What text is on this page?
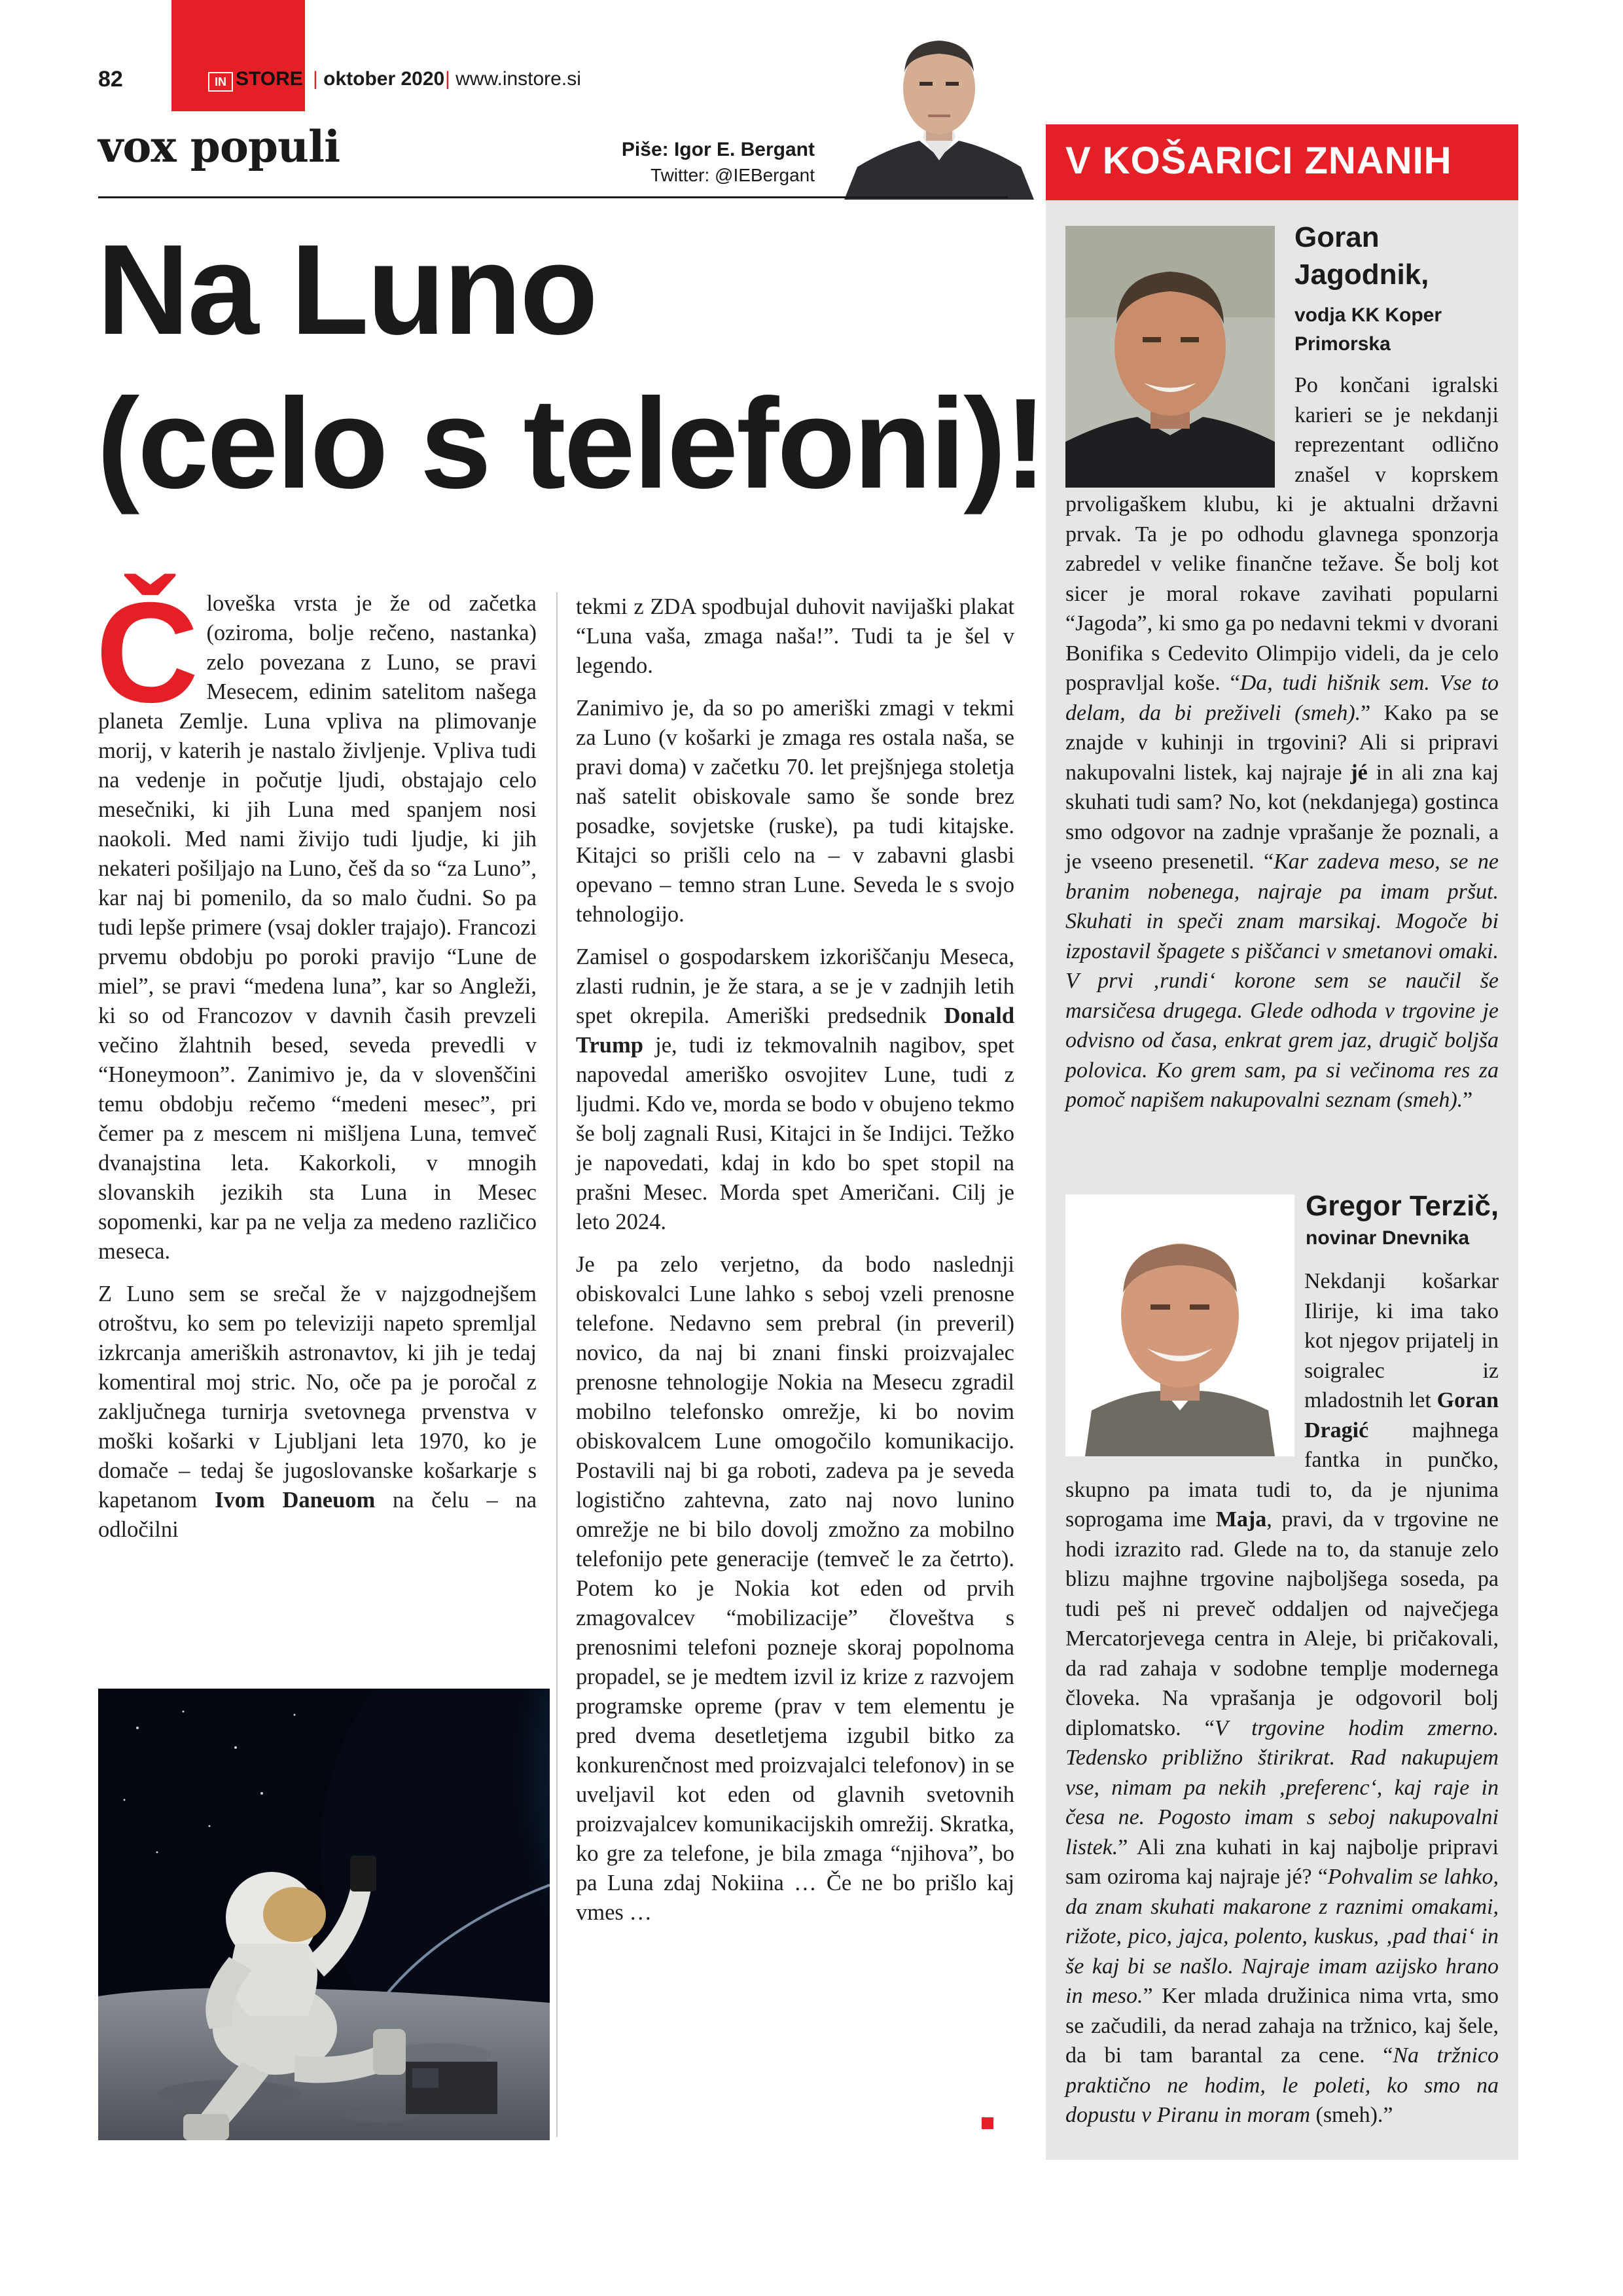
82	IN STORE | oktober 2020 | www.instore.si
vox populi	Piše: Igor E. Bergant
Twitter: @IEBergant
Na Luno
(celo s telefoni)!

Človeška vrsta je že od začetka (oziroma, bolje rečeno, nastanka) zelo povezana z Luno, se pravi Mesecem, edinim satelitom našega planeta Zemlje. Luna vpliva na plimovanje morij, v katerih je nastalo življenje. Vpliva tudi na vedenje in počutje ljudi, obstajajo celo mesečniki, ki jih Luna med spanjem nosi naokoli. Med nami živijo tudi ljudje, ki jih nekateri pošiljajo na Luno, češ da so “za Luno”, kar naj bi pomenilo, da so malo čudni. So pa tudi lepše primere (vsaj dokler trajajo). Francozi prvemu obdobju po poroki pravijo “Lune de miel”, se pravi “medena luna”, kar so Angleži, ki so od Francozov v davnih časih prevzeli večino žlahtnih besed, seveda prevedli v “Honeymoon”. Zanimivo je, da v slovenščini temu obdobju rečemo “medeni mesec”, pri čemer pa z mescem ni mišljena Luna, temveč dvanajstina leta. Kakorkoli, v mnogih slovanskih jezikih sta Luna in Mesec sopomenki, kar pa ne velja za medeno različico meseca.

Z Luno sem se srečal že v najzgodnejšem otroštvu, ko sem po televiziji napeto spremljal izkrcanja ameriških astronavtov, ki jih je tedaj komentiral moj stric. No, oče pa je poročal z zaključnega turnirja svetovnega prvenstva v moški košarki v Ljubljani leta 1970, ko je domače – tedaj še jugoslovanske košarkarje s kapetanom Ivom Daneuom na čelu – na odločilni

tekmi z ZDA spodbujal duhovit navijaški plakat “Luna vaša, zmaga naša!”. Tudi ta je šel v legendo.

Zanimivo je, da so po ameriški zmagi v tekmi za Luno (v košarki je zmaga res ostala naša, se pravi doma) v začetku 70. let prejšnjega stoletja naš satelit obiskovale samo še sonde brez posadke, sovjetske (ruske), pa tudi kitajske. Kitajci so prišli celo na – v zabavni glasbi opevano – temno stran Lune. Seveda le s svojo tehnologijo.

Zamisel o gospodarskem izkoriščanju Meseca, zlasti rudnin, je že stara, a se je v zadnjih letih spet okrepila. Ameriški predsednik Donald Trump je, tudi iz tekmovalnih nagibov, spet napovedal ameriško osvojitev Lune, tudi z ljudmi. Kdo ve, morda se bodo v obujeno tekmo še bolj zagnali Rusi, Kitajci in še Indijci. Težko je napovedati, kdaj in kdo bo spet stopil na prašni Mesec. Morda spet Američani. Cilj je leto 2024.

Je pa zelo verjetno, da bodo naslednji obiskovalci Lune lahko s seboj vzeli prenosne telefone. Nedavno sem prebral (in preveril) novico, da naj bi znani finski proizvajalec prenosne tehnologije Nokia na Mesecu zgradil mobilno telefonsko omrežje, ki bo novim obiskovalcem Lune omogočilo komunikacijo. Postavili naj bi ga roboti, zadeva pa je seveda logistično zahtevna, zato naj novo lunino omrežje ne bi bilo dovolj zmožno za mobilno telefonijo pete generacije (temveč le za četrto). Potem ko je Nokia kot eden od prvih zmagovalcev “mobilizacije” človeštva s prenosnimi telefoni pozneje skoraj popolnoma propadel, se je medtem izvil iz krize z razvojem programske opreme (prav v tem elementu je pred dvema desetletjema izgubil bitko za konkurenčnost med proizvajalci telefonov) in se uveljavil kot eden od glavnih svetovnih proizvajalcev komunikacijskih omrežij. Skratka, ko gre za telefone, je bila zmaga “njihova”, bo pa Luna zdaj Nokiina … Če ne bo prišlo kaj vmes …

V KOŠARICI ZNANIH
Goran
Jagodnik,
vodja KK Koper Primorska

Po končani igralski karieri se je nekdanji reprezentant odlično znašel v koprskem prvoligaškem klubu, ki je aktualni državni prvak. Ta je po odhodu glavnega sponzorja zabredel v velike finančne težave. Še bolj kot sicer je moral rokave zavihati popularni “Jagoda”, ki smo ga po nedavni tekmi v dvorani Bonifika s Cedevito Olimpijo videli, da je celo pospravljal koše. “Da, tudi hišnik sem. Vse to delam, da bi preživeli (smeh).” Kako pa se znajde v kuhinji in trgovini? Ali si pripravi nakupovalni listek, kaj najraje jé in ali zna kaj skuhati tudi sam? No, kot (nekdanjega) gostinca smo odgovor na zadnje vprašanje že poznali, a je vseeno presenetil. “Kar zadeva meso, se ne branim nobenega, najraje pa imam pršut. Skuhati in speči znam marsikaj. Mogoče bi izpostavil špagete s piščanci v smetanovi omaki. V prvi ‚rundi‘ korone sem se naučil še marsičesa drugega. Glede odhoda v trgovine je odvisno od časa, enkrat grem jaz, drugič boljša polovica. Ko grem sam, pa si večinoma res za pomoč napišem nakupovalni seznam (smeh).”

Gregor Terzič,
novinar Dnevnika

Nekdanji košarkar Ilirije, ki ima tako kot njegov prijatelj in soigralec iz mladostnih let Goran Dragić majhnega fantka in punčko, skupno pa imata tudi to, da je njunima soprogama ime Maja, pravi, da v trgovine ne hodi izrazito rad. Glede na to, da stanuje zelo blizu majhne trgovine najboljšega soseda, pa tudi peš ni preveč oddaljen od največjega Mercatorjevega centra in Aleje, bi pričakovali, da rad zahaja v sodobne templje modernega človeka. Na vprašanja je odgovoril bolj diplomatsko. “V trgovine hodim zmerno. Tedensko približno štirikrat. Rad nakupujem vse, nimam pa nekih ‚preferenc‘, kaj raje in česa ne. Pogosto imam s seboj nakupovalni listek.” Ali zna kuhati in kaj najbolje pripravi sam oziroma kaj najraje jé? “Pohvalim se lahko, da znam skuhati makarone z raznimi omakami, rižote, pico, jajca, polento, kuskus, ‚pad thai‘ in še kaj bi se našlo. Najraje imam azijsko hrano in meso.” Ker mlada družinica nima vrta, smo se začudili, da nerad zahaja na tržnico, kaj šele, da bi tam barantal za cene. “Na tržnico praktično ne hodim, le poleti, ko smo na dopustu v Piranu in moram (smeh).”
